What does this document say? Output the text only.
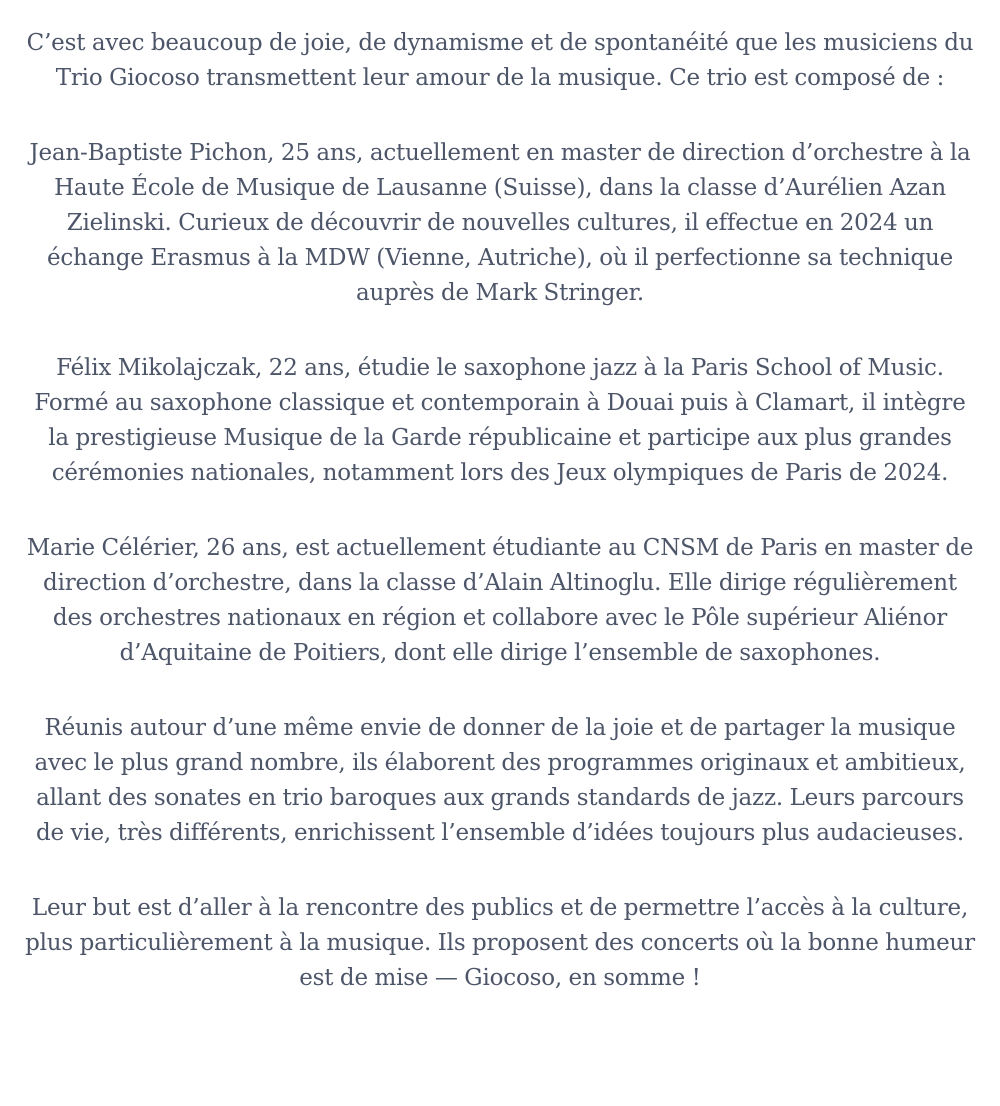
C’est avec beaucoup de joie, de dynamisme et de spontanéité que les musiciens du Trio Giocoso transmettent leur amour de la musique. Ce trio est composé de :

Jean-Baptiste Pichon, 25 ans, actuellement en master de direction d’orchestre à la Haute École de Musique de Lausanne (Suisse), dans la classe d’Aurélien Azan Zielinski. Curieux de découvrir de nouvelles cultures, il effectue en 2024 un échange Erasmus à la MDW (Vienne, Autriche), où il perfectionne sa technique auprès de Mark Stringer.

Félix Mikolajczak, 22 ans, étudie le saxophone jazz à la Paris School of Music. Formé au saxophone classique et contemporain à Douai puis à Clamart, il intègre la prestigieuse Musique de la Garde républicaine et participe aux plus grandes cérémonies nationales, notamment lors des Jeux olympiques de Paris de 2024.

Marie Célérier, 26 ans, est actuellement étudiante au CNSM de Paris en master de direction d’orchestre, dans la classe d’Alain Altinoglu. Elle dirige régulièrement des orchestres nationaux en région et collabore avec le Pôle supérieur Aliénor d’Aquitaine de Poitiers, dont elle dirige l’ensemble de saxophones.

Réunis autour d’une même envie de donner de la joie et de partager la musique avec le plus grand nombre, ils élaborent des programmes originaux et ambitieux, allant des sonates en trio baroques aux grands standards de jazz. Leurs parcours de vie, très différents, enrichissent l’ensemble d’idées toujours plus audacieuses.

Leur but est d’aller à la rencontre des publics et de permettre l’accès à la culture, plus particulièrement à la musique. Ils proposent des concerts où la bonne humeur est de mise — Giocoso, en somme !
